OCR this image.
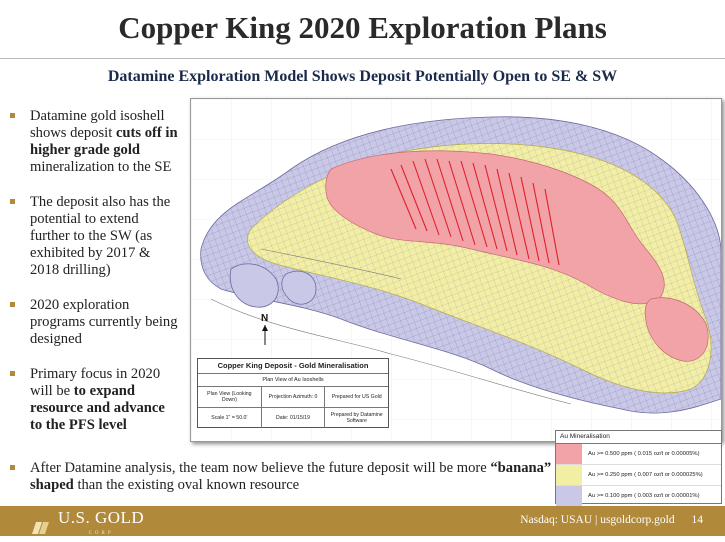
Copper King 2020 Exploration Plans
Datamine Exploration Model Shows Deposit Potentially Open to SE & SW
Datamine gold isoshell shows deposit cuts off in higher grade gold mineralization to the SE
The deposit also has the potential to extend further to the SW (as exhibited by 2017 & 2018 drilling)
2020 exploration programs currently being designed
Primary focus in 2020 will be to expand resource and advance to the PFS level
After Datamine analysis, the team now believe the future deposit will be more “banana” shaped than the existing oval known resource
N
Copper King Deposit - Gold Mineralisation
Plan View of Au Isoshells
Plan View (Looking Down)	Projection Azimuth: 0	Prepared for US Gold
Scale 1" = 50.0'	Date: 01/15/19	Prepared by Datamine Software
Au Mineralisation
Au >= 0.500 ppm ( 0.015 oz/t or 0.00005%)
Au >= 0.250 ppm ( 0.007 oz/t or 0.000025%)
Au >= 0.100 ppm ( 0.003 oz/t or 0.00001%)
U.S. GOLD
CORP
Nasdaq: USAU | usgoldcorp.gold 14
